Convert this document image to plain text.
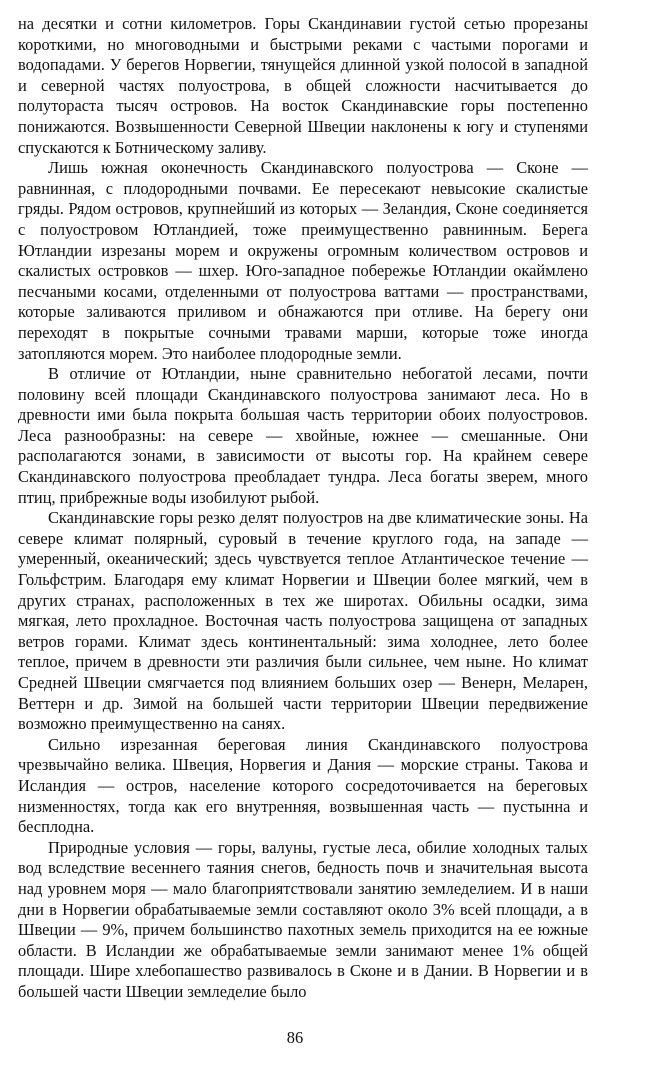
на десятки и сотни километров. Горы Скандинавии густой сетью прорезаны короткими, но многоводными и быстрыми реками с частыми порогами и водопадами. У берегов Норвегии, тянущейся длинной узкой полосой в западной и северной частях полуострова, в общей сложности насчитывается до полутораста тысяч островов. На восток Скандинавские горы постепенно понижаются. Возвышенности Северной Швеции наклонены к югу и ступенями спускаются к Ботническому заливу.

Лишь южная оконечность Скандинавского полуострова — Сконе — равнинная, с плодородными почвами. Ее пересекают невысокие скалистые гряды. Рядом островов, крупнейший из которых — Зеландия, Сконе соединяется с полуостровом Ютландией, тоже преимущественно равнинным. Берега Ютландии изрезаны морем и окружены огромным количеством островов и скалистых островков — шхер. Юго-западное побережье Ютландии окаймлено песчаными косами, отделенными от полуострова ваттами — пространствами, которые заливаются приливом и обнажаются при отливе. На берегу они переходят в покрытые сочными травами марши, которые тоже иногда затопляются морем. Это наиболее плодородные земли.

В отличие от Ютландии, ныне сравнительно небогатой лесами, почти половину всей площади Скандинавского полуострова занимают леса. Но в древности ими была покрыта большая часть территории обоих полуостровов. Леса разнообразны: на севере — хвойные, южнее — смешанные. Они располагаются зонами, в зависимости от высоты гор. На крайнем севере Скандинавского полуострова преобладает тундра. Леса богаты зверем, много птиц, прибрежные воды изобилуют рыбой.

Скандинавские горы резко делят полуостров на две климатические зоны. На севере климат полярный, суровый в течение круглого года, на западе — умеренный, океанический; здесь чувствуется теплое Атлантическое течение — Гольфстрим. Благодаря ему климат Норвегии и Швеции более мягкий, чем в других странах, расположенных в тех же широтах. Обильны осадки, зима мягкая, лето прохладное. Восточная часть полуострова защищена от западных ветров горами. Климат здесь континентальный: зима холоднее, лето более теплое, причем в древности эти различия были сильнее, чем ныне. Но климат Средней Швеции смягчается под влиянием больших озер — Венерн, Меларен, Веттерн и др. Зимой на большей части территории Швеции передвижение возможно преимущественно на санях.

Сильно изрезанная береговая линия Скандинавского полуострова чрезвычайно велика. Швеция, Норвегия и Дания — морские страны. Такова и Исландия — остров, население которого сосредоточивается на береговых низменностях, тогда как его внутренняя, возвышенная часть — пустынна и бесплодна.

Природные условия — горы, валуны, густые леса, обилие холодных талых вод вследствие весеннего таяния снегов, бедность почв и значительная высота над уровнем моря — мало благоприятствовали занятию земледелием. И в наши дни в Норвегии обрабатываемые земли составляют около 3% всей площади, а в Швеции — 9%, причем большинство пахотных земель приходится на ее южные области. В Исландии же обрабатываемые земли занимают менее 1% общей площади. Шире хлебопашество развивалось в Сконе и в Дании. В Норвегии и в большей части Швеции земледелие было

86
